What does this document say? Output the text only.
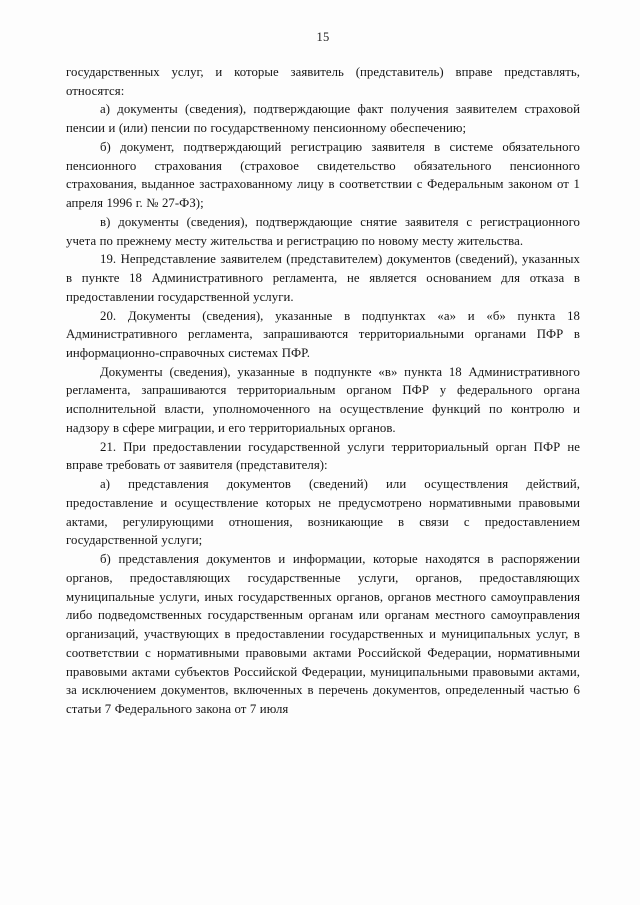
15

государственных услуг, и которые заявитель (представитель) вправе представлять, относятся:

а) документы (сведения), подтверждающие факт получения заявителем страховой пенсии и (или) пенсии по государственному пенсионному обеспечению;

б) документ, подтверждающий регистрацию заявителя в системе обязательного пенсионного страхования (страховое свидетельство обязательного пенсионного страхования, выданное застрахованному лицу в соответствии с Федеральным законом от 1 апреля 1996 г. № 27-ФЗ);

в) документы (сведения), подтверждающие снятие заявителя с регистрационного учета по прежнему месту жительства и регистрацию по новому месту жительства.

19. Непредставление заявителем (представителем) документов (сведений), указанных в пункте 18 Административного регламента, не является основанием для отказа в предоставлении государственной услуги.

20. Документы (сведения), указанные в подпунктах «а» и «б» пункта 18 Административного регламента, запрашиваются территориальными органами ПФР в информационно-справочных системах ПФР.

Документы (сведения), указанные в подпункте «в» пункта 18 Административного регламента, запрашиваются территориальным органом ПФР у федерального органа исполнительной власти, уполномоченного на осуществление функций по контролю и надзору в сфере миграции, и его территориальных органов.

21. При предоставлении государственной услуги территориальный орган ПФР не вправе требовать от заявителя (представителя):

а) представления документов (сведений) или осуществления действий, предоставление и осуществление которых не предусмотрено нормативными правовыми актами, регулирующими отношения, возникающие в связи с предоставлением государственной услуги;

б) представления документов и информации, которые находятся в распоряжении органов, предоставляющих государственные услуги, органов, предоставляющих муниципальные услуги, иных государственных органов, органов местного самоуправления либо подведомственных государственным органам или органам местного самоуправления организаций, участвующих в предоставлении государственных и муниципальных услуг, в соответствии с нормативными правовыми актами Российской Федерации, нормативными правовыми актами субъектов Российской Федерации, муниципальными правовыми актами, за исключением документов, включенных в перечень документов, определенный частью 6 статьи 7 Федерального закона от 7 июля
